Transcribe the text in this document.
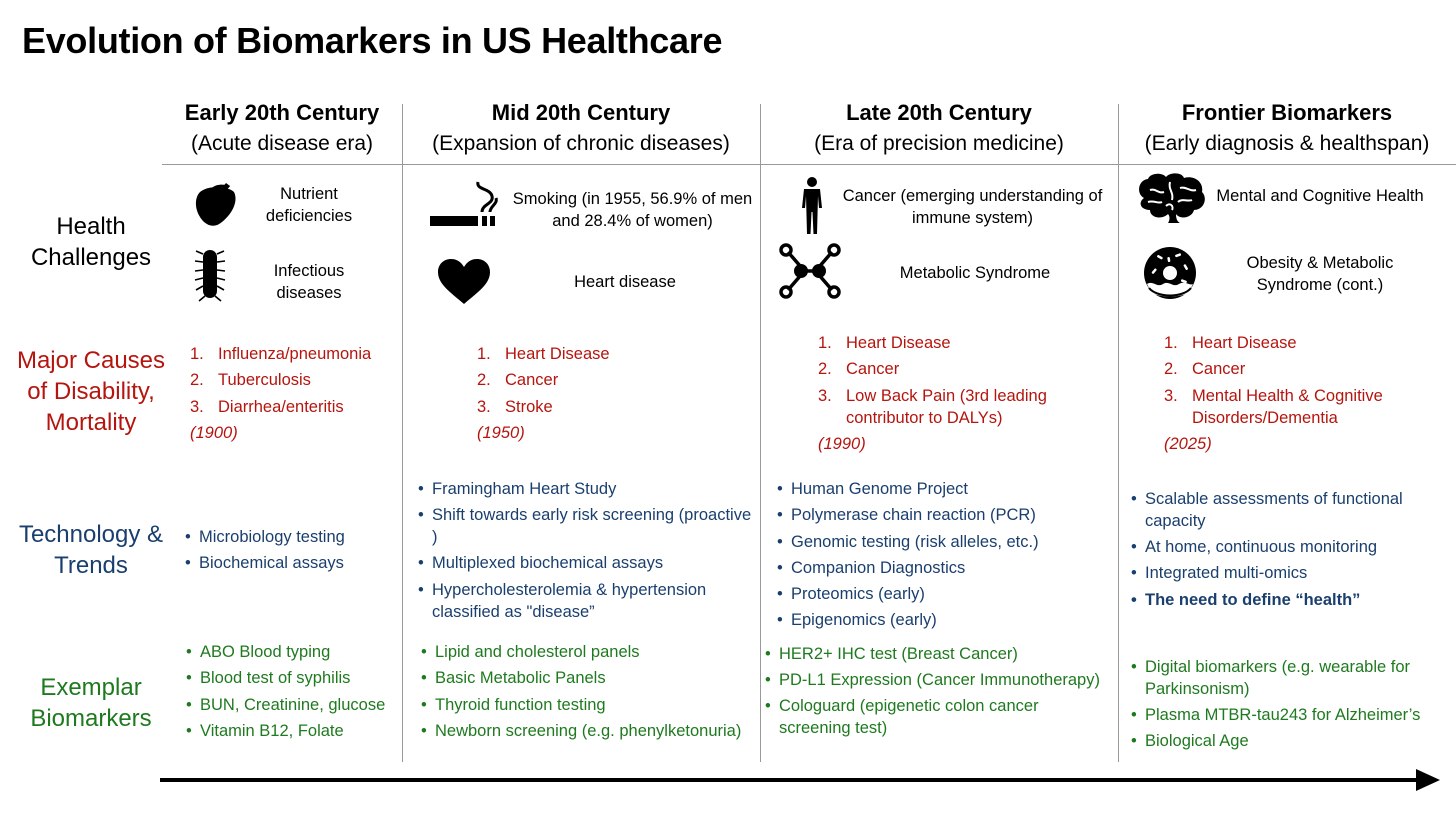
Evolution of Biomarkers in US Healthcare
Early 20th Century
(Acute disease era)
Mid 20th Century
(Expansion of chronic diseases)
Late 20th Century
(Era of precision medicine)
Frontier Biomarkers
(Early diagnosis & healthspan)
Health Challenges
Major Causes of Disability, Mortality
Technology & Trends
Exemplar Biomarkers
Nutrient deficiencies
Infectious diseases
Smoking (in 1955, 56.9% of men and 28.4% of women)
Heart disease
Cancer (emerging understanding of immune system)
Metabolic Syndrome
Mental and Cognitive Health
Obesity & Metabolic Syndrome (cont.)
1. Influenza/pneumonia
2. Tuberculosis
3. Diarrhea/enteritis
(1900)
1. Heart Disease
2. Cancer
3. Stroke
(1950)
1. Heart Disease
2. Cancer
3. Low Back Pain (3rd leading contributor to DALYs)
(1990)
1. Heart Disease
2. Cancer
3. Mental Health & Cognitive Disorders/Dementia
(2025)
• Microbiology testing
• Biochemical assays
• Framingham Heart Study
• Shift towards early risk screening (proactive )
• Multiplexed biochemical assays
• Hypercholesterolemia & hypertension classified as "disease”
• Human Genome Project
• Polymerase chain reaction (PCR)
• Genomic testing (risk alleles, etc.)
• Companion Diagnostics
• Proteomics (early)
• Epigenomics (early)
• Scalable assessments of functional capacity
• At home, continuous monitoring
• Integrated multi-omics
• The need to define “health”
• ABO Blood typing
• Blood test of syphilis
• BUN, Creatinine, glucose
• Vitamin B12, Folate
• Lipid and cholesterol panels
• Basic Metabolic Panels
• Thyroid function testing
• Newborn screening (e.g. phenylketonuria)
• HER2+ IHC test (Breast Cancer)
• PD-L1 Expression (Cancer Immunotherapy)
• Cologuard (epigenetic colon cancer screening test)
• Digital biomarkers (e.g. wearable for Parkinsonism)
• Plasma MTBR-tau243 for Alzheimer’s
• Biological Age
